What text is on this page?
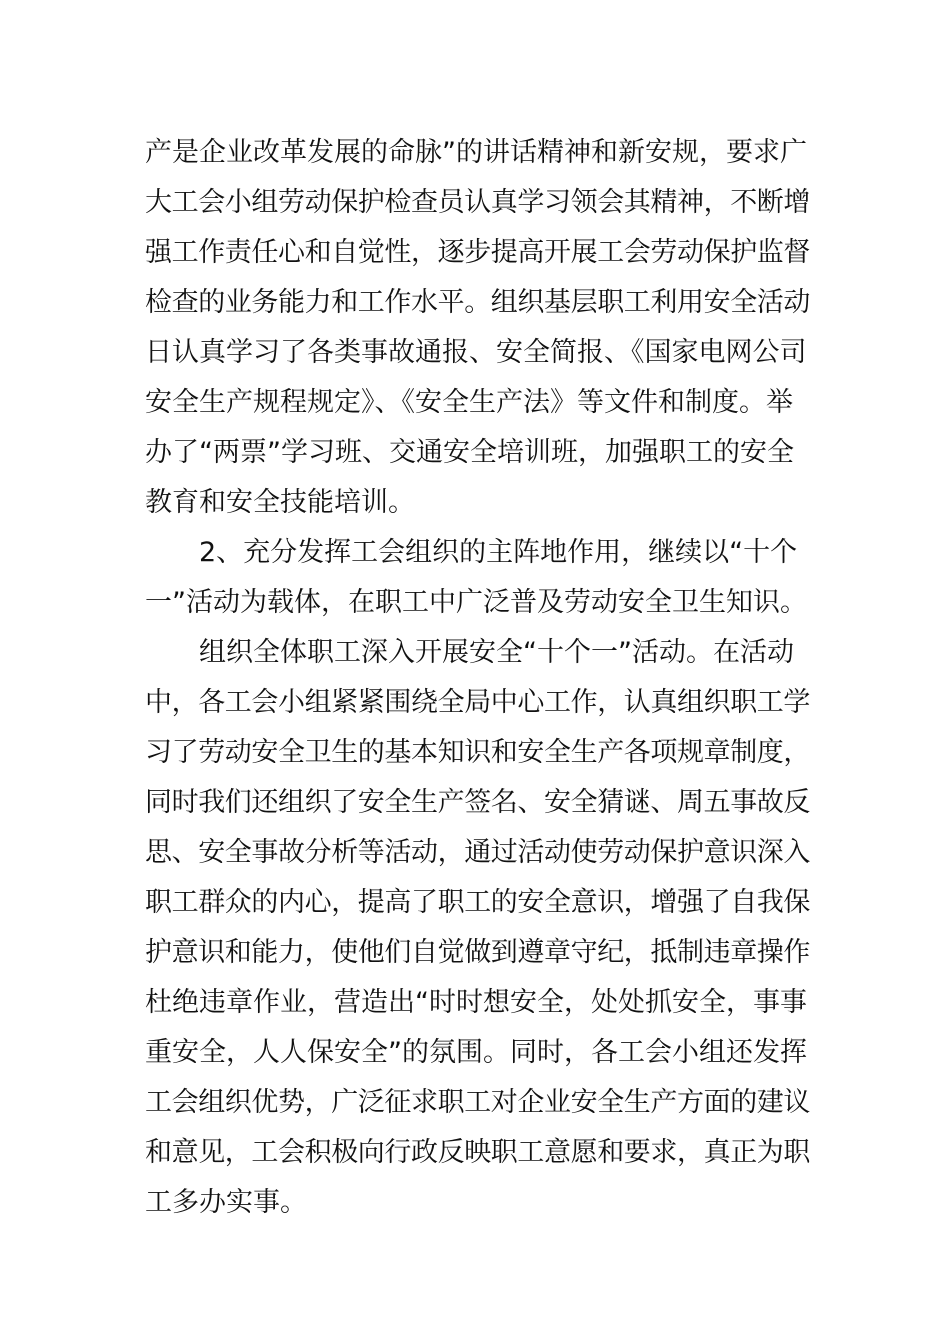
产是企业改革发展的命脉”的讲话精神和新安规，要求广
大工会小组劳动保护检查员认真学习领会其精神，不断增
强工作责任心和自觉性，逐步提高开展工会劳动保护监督
检查的业务能力和工作水平。组织基层职工利用安全活动
日认真学习了各类事故通报、安全简报、《国家电网公司
安全生产规程规定》、《安全生产法》等文件和制度。举
办了“两票”学习班、交通安全培训班，加强职工的安全
教育和安全技能培训。
2、充分发挥工会组织的主阵地作用，继续以“十个
一”活动为载体，在职工中广泛普及劳动安全卫生知识。
组织全体职工深入开展安全“十个一”活动。在活动
中，各工会小组紧紧围绕全局中心工作，认真组织职工学
习了劳动安全卫生的基本知识和安全生产各项规章制度，
同时我们还组织了安全生产签名、安全猜谜、周五事故反
思、安全事故分析等活动，通过活动使劳动保护意识深入
职工群众的内心，提高了职工的安全意识，增强了自我保
护意识和能力，使他们自觉做到遵章守纪，抵制违章操作
杜绝违章作业，营造出“时时想安全，处处抓安全，事事
重安全，人人保安全”的氛围。同时，各工会小组还发挥
工会组织优势，广泛征求职工对企业安全生产方面的建议
和意见，工会积极向行政反映职工意愿和要求，真正为职
工多办实事。
